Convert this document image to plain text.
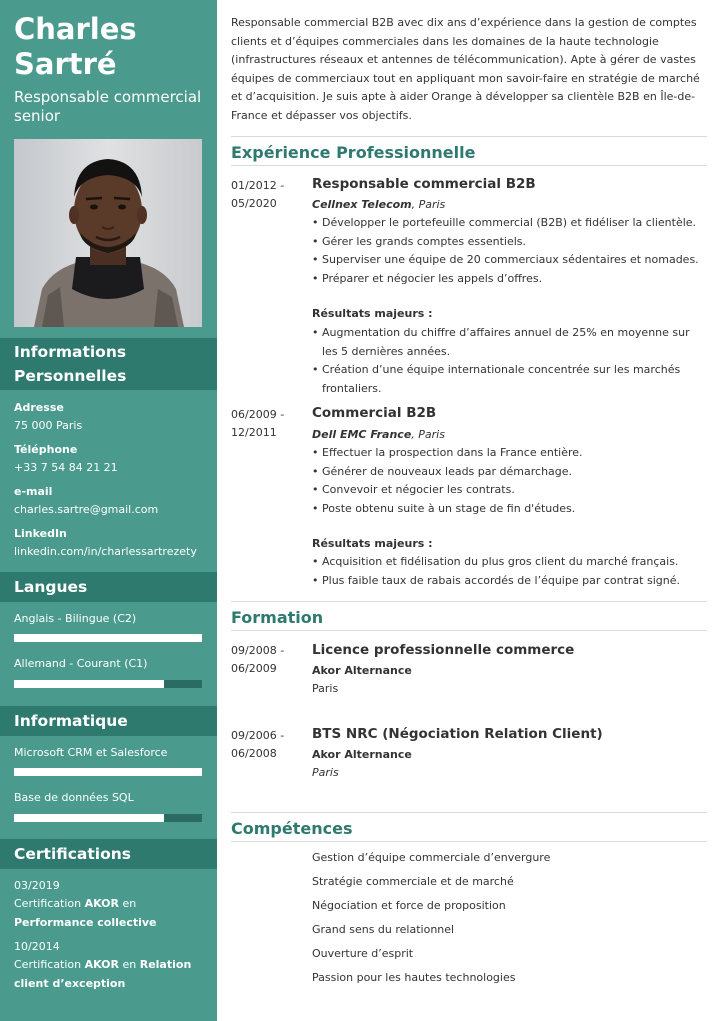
Charles Sartré
Responsable commercial senior
Informations Personnelles
Adresse
75 000 Paris
Téléphone
+33 7 54 84 21 21
e-mail
charles.sartre@gmail.com
LinkedIn
linkedin.com/in/charlessartrezety
Langues
Anglais - Bilingue (C2)
Allemand - Courant (C1)
Informatique
Microsoft CRM et Salesforce
Base de données SQL
Certifications
03/2019
Certification AKOR en Performance collective
10/2014
Certification AKOR en Relation client d’exception
Responsable commercial B2B avec dix ans d’expérience dans la gestion de comptes clients et d’équipes commerciales dans les domaines de la haute technologie (infrastructures réseaux et antennes de télécommunication). Apte à gérer de vastes équipes de commerciaux tout en appliquant mon savoir-faire en stratégie de marché et d’acquisition. Je suis apte à aider Orange à développer sa clientèle B2B en Île-de-France et dépasser vos objectifs.
Expérience Professionnelle
01/2012 -
05/2020
Responsable commercial B2B
Cellnex Telecom, Paris
• Développer le portefeuille commercial (B2B) et fidéliser la clientèle.
• Gérer les grands comptes essentiels.
• Superviser une équipe de 20 commerciaux sédentaires et nomades.
• Préparer et négocier les appels d’offres.
Résultats majeurs :
• Augmentation du chiffre d’affaires annuel de 25% en moyenne sur les 5 dernières années.
• Création d’une équipe internationale concentrée sur les marchés frontaliers.
06/2009 -
12/2011
Commercial B2B
Dell EMC France, Paris
• Effectuer la prospection dans la France entière.
• Générer de nouveaux leads par démarchage.
• Convevoir et négocier les contrats.
• Poste obtenu suite à un stage de fin d'études.
Résultats majeurs :
• Acquisition et fidélisation du plus gros client du marché français.
• Plus faible taux de rabais accordés de l’équipe par contrat signé.
Formation
09/2008 -
06/2009
Licence professionnelle commerce
Akor Alternance
Paris
09/2006 -
06/2008
BTS NRC (Négociation Relation Client)
Akor Alternance
Paris
Compétences
Gestion d’équipe commerciale d’envergure
Stratégie commerciale et de marché
Négociation et force de proposition
Grand sens du relationnel
Ouverture d’esprit
Passion pour les hautes technologies
